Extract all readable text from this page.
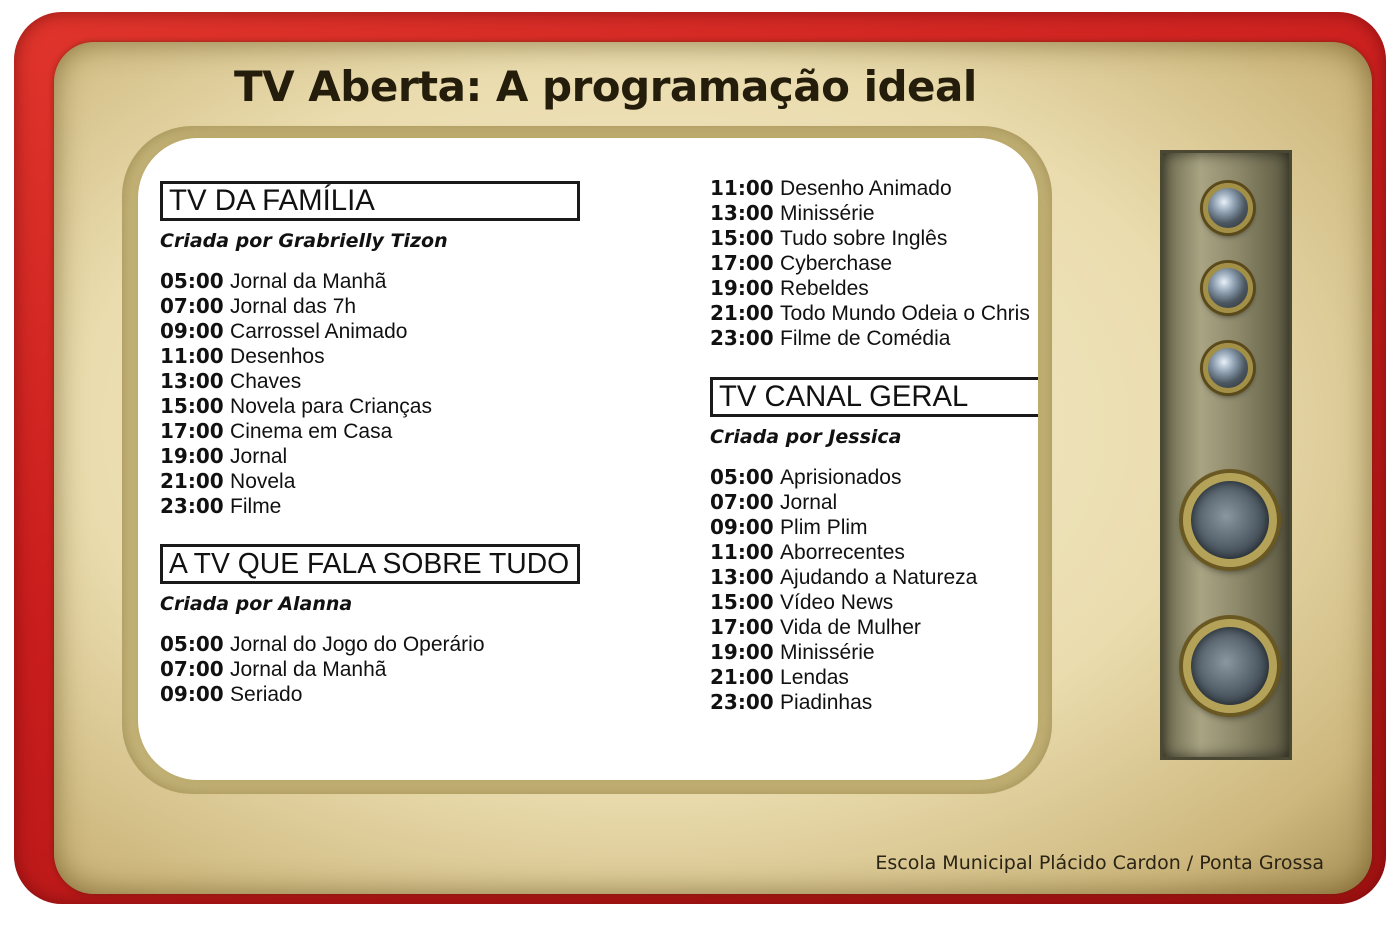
TV Aberta: A programação ideal
TV DA FAMÍLIA
Criada por Grabrielly Tizon
05:00 Jornal da Manhã
07:00 Jornal das 7h
09:00 Carrossel Animado
11:00 Desenhos
13:00 Chaves
15:00 Novela para Crianças
17:00 Cinema em Casa
19:00 Jornal
21:00 Novela
23:00 Filme
A TV QUE FALA SOBRE TUDO
Criada por Alanna
05:00 Jornal do Jogo do Operário
07:00 Jornal da Manhã
09:00 Seriado
11:00 Desenho Animado
13:00 Minissérie
15:00 Tudo sobre Inglês
17:00 Cyberchase
19:00 Rebeldes
21:00 Todo Mundo Odeia o Chris
23:00 Filme de Comédia
TV CANAL GERAL
Criada por Jessica
05:00 Aprisionados
07:00 Jornal
09:00 Plim Plim
11:00 Aborrecentes
13:00 Ajudando a Natureza
15:00 Vídeo News
17:00 Vida de Mulher
19:00 Minissérie
21:00 Lendas
23:00 Piadinhas

Escola Municipal Plácido Cardon / Ponta Grossa
